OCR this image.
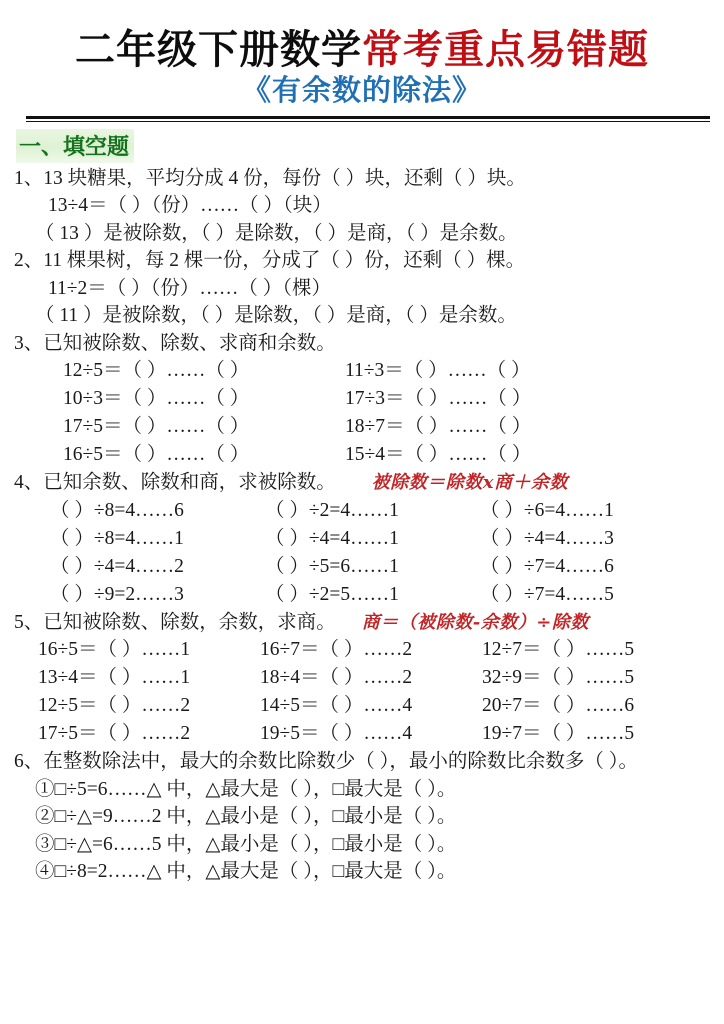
二年级下册数学常考重点易错题
《有余数的除法》
一、填空题
1、13 块糖果，平均分成 4 份，每份（ ）块，还剩（ ）块。
13÷4＝（ ）（份）……（ ）（块）
（ 13 ）是被除数，（ ）是除数，（ ）是商，（ ）是余数。
2、11 棵果树，每 2 棵一份，分成了（ ）份，还剩（ ）棵。
11÷2＝（ ）（份）……（ ）（棵）
（ 11 ）是被除数，（ ）是除数，（ ）是商，（ ）是余数。
3、已知被除数、除数、求商和余数。
12÷5＝（ ）……（ ）	11÷3＝（ ）……（ ）
10÷3＝（ ）……（ ）	17÷3＝（ ）……（ ）
17÷5＝（ ）……（ ）	18÷7＝（ ）……（ ）
16÷5＝（ ）……（ ）	15÷4＝（ ）……（ ）
4、已知余数、除数和商，求被除数。 被除数＝除数x商＋余数
（ ）÷8=4……6	（ ）÷2=4……1	（ ）÷6=4……1
（ ）÷8=4……1	（ ）÷4=4……1	（ ）÷4=4……3
（ ）÷4=4……2	（ ）÷5=6……1	（ ）÷7=4……6
（ ）÷9=2……3	（ ）÷2=5……1	（ ）÷7=4……5
5、已知被除数、除数，余数，求商。 商＝（被除数-余数）÷除数
16÷5＝（ ）……1	16÷7＝（ ）……2	12÷7＝（ ）……5
13÷4＝（ ）……1	18÷4＝（ ）……2	32÷9＝（ ）……5
12÷5＝（ ）……2	14÷5＝（ ）……4	20÷7＝（ ）……6
17÷5＝（ ）……2	19÷5＝（ ）……4	19÷7＝（ ）……5
6、在整数除法中，最大的余数比除数少（ ），最小的除数比余数多（ ）。
①□÷5=6……△ 中，△最大是（ ），□最大是（ ）。
②□÷△=9……2 中，△最小是（ ），□最小是（ ）。
③□÷△=6……5 中，△最小是（ ），□最小是（ ）。
④□÷8=2……△ 中，△最大是（ ），□最大是（ ）。
